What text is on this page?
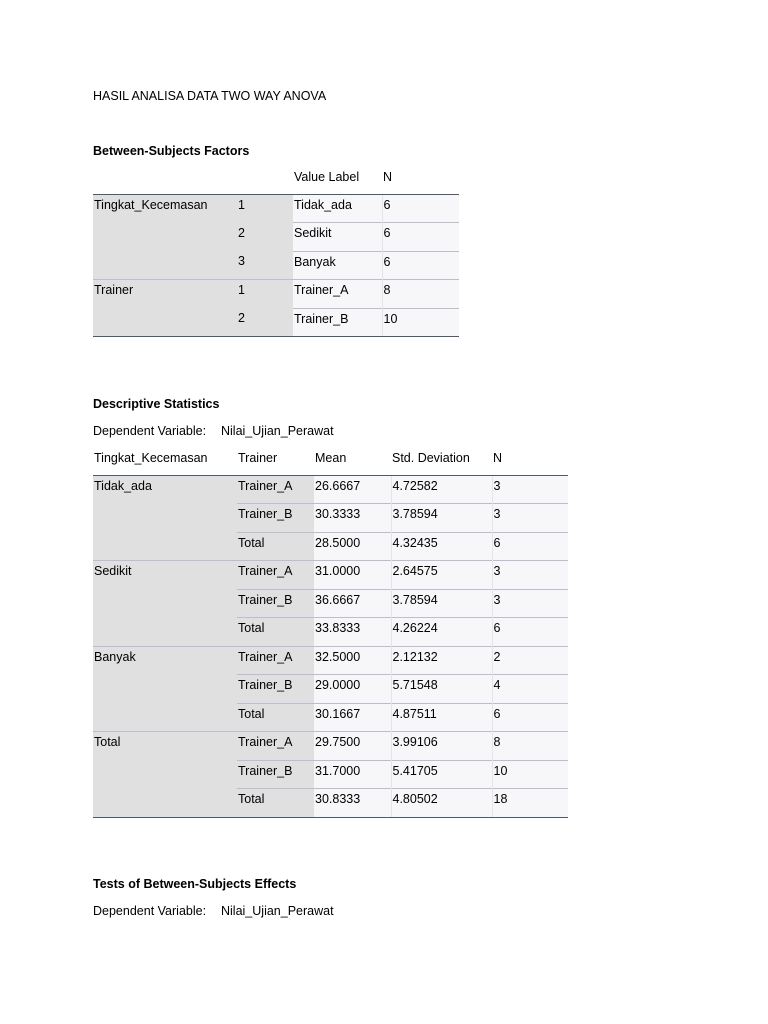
HASIL ANALISA DATA TWO WAY ANOVA
Between-Subjects Factors
		Value Label	N
Tingkat_Kecemasan	1	Tidak_ada	6
	2	Sedikit	6
	3	Banyak	6
Trainer	1	Trainer_A	8
	2	Trainer_B	10
Descriptive Statistics
Dependent Variable: Nilai_Ujian_Perawat
Tingkat_Kecemasan	Trainer	Mean	Std. Deviation	N
Tidak_ada	Trainer_A	26.6667	4.72582	3
	Trainer_B	30.3333	3.78594	3
	Total	28.5000	4.32435	6
Sedikit	Trainer_A	31.0000	2.64575	3
	Trainer_B	36.6667	3.78594	3
	Total	33.8333	4.26224	6
Banyak	Trainer_A	32.5000	2.12132	2
	Trainer_B	29.0000	5.71548	4
	Total	30.1667	4.87511	6
Total	Trainer_A	29.7500	3.99106	8
	Trainer_B	31.7000	5.41705	10
	Total	30.8333	4.80502	18
Tests of Between-Subjects Effects
Dependent Variable: Nilai_Ujian_Perawat
